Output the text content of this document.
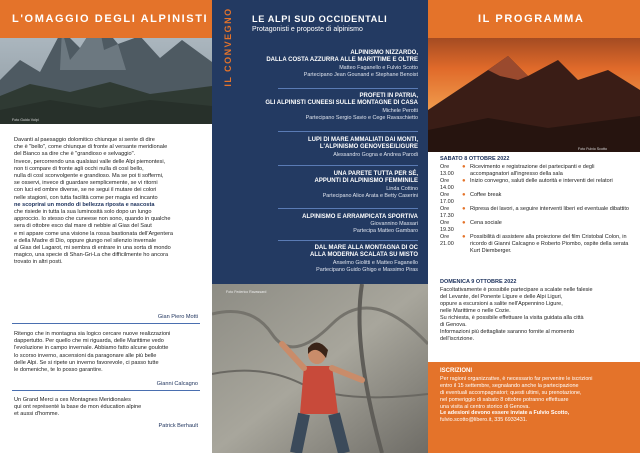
L'OMAGGIO DEGLI ALPINISTI
Foto Guido Volpi

Davanti al paesaggio dolomitico chiunque si sente di dire

che è "bello", come chiunque di fronte al versante meridionale

del Bianco sa dire che è "grandioso e selvaggio".

Invece, percorrendo una qualsiasi valle delle Alpi piemontesi,

non ti compare di fronte agli occhi nulla di così bello,

nulla di così sconvolgente e grandioso. Ma se poi ti soffermi,

se osservi, invece di guardare semplicemente, se vi ritorni

con luci ed ombre diverse, se ne segui il mutare dei colori

nelle stagioni, con tutta facilità come per magia ed incanto

ne scoprirai un mondo di bellezza riposta e nascosta

che risiede in tutta la sua luminosità solo dopo un lungo

approccio. Io stesso che cuneese non sono, quando in qualche

sera di ottobre esco dal mare di nebbie al Gias del Saut

e mi appare come una visione la rossa bastionata dell'Argentera

e della Madre di Dio, oppure giungo nel silenzio invernale

al Gias del Lagarot, mi sembra di entrare in una sorta di mondo

magico, una specie di Shan-Gri-La che difficilmente ho ancora

trovato in altri posti.

Gian Piero Motti

Ritengo che in montagna sia logico cercare nuove realizzazioni

dappertutto. Per quello che mi riguarda, delle Marittime vedo

l'evoluzione in campo invernale. Abbiamo fatto alcune goulotte

lo scorso inverno, ascensioni da paragonare alle più belle

delle Alpi. Se si ripete un inverno favorevole, ci passo tutte

le domeniche, te lo posso garantire.

Gianni Calcagno

Un Grand Merci a ces Montagnes Meridionales

qui ont représenté la base de mon éducation alpine

et aussi d'homme.

Patrick Berhault
IL CONVEGNO LE ALPI SUD OCCIDENTALI
Protagonisti e proposte di alpinismo
ALPINISMO NIZZARDO,
DALLA COSTA AZZURRA ALLE MARITTIME E OLTRE
Matteo Faganello e Fulvio Scotto
Partecipano Jean Gounand e Stephane Benoist
PROFETI IN PATRIA,
GLI ALPINISTI CUNEESI SULLE MONTAGNE DI CASA
Michele Perotti
Partecipano Sergio Savio e Cege Ravaschietto
LUPI DI MARE AMMALIATI DAI MONTI,
L'ALPINISMO GENOVESE/LIGURE
Alessandro Gogna e Andrea Parodi
UNA PARETE TUTTA PER SÉ,
APPUNTI DI ALPINISMO FEMMINILE
Linda Cottino
Partecipano Alice Arata e Betty Caserini
ALPINISMO E ARRAMPICATA SPORTIVA
Giovannino Massari
Partecipa Matteo Gambaro
DAL MARE ALLA MONTAGNA DI OC
ALLA MODERNA SCALATA SU MISTO
Anselmo Giolitti e Matteo Faganello
Partecipano Guido Ghigo e Massimo Piras
Foto Federico Ravassard
IL PROGRAMMA
Foto Fulvio Scotto
SABATO 8 OTTOBRE 2022
Ore 13.00
● Ricevimento e registrazione dei partecipanti e degli accompagnatori all'ingresso della sala
Ore 14.00
● Inizio convegno, saluti delle autorità e interventi dei relatori
Ore 17.00
● Coffee break
Ore 17.30
● Ripresa dei lavori, a seguire interventi liberi ed eventuale dibattito
Ore 19.30
● Cena sociale
Ore 21.00
● Possibilità di assistere alla proiezione del film Cristobal Colon, in ricordo di Gianni Calcagno e Roberto Piombo, ospite della serata Kurt Diemberger.
DOMENICA 9 OTTOBRE 2022
Facoltativamente è possibile partecipare a scalate nelle falesie
del Levante, del Ponente Ligure e delle Alpi Liguri,
oppure a escursioni a salite nell'Appennino Ligure,
nelle Marittime o nelle Cozie.
Su richiesta, è possibile effettuare la visita guidata alla città
di Genova.
Informazioni più dettagliate saranno fornite al momento
dell'iscrizione.
ISCRIZIONI
Per ragioni organizzative, è necessario far pervenire le iscrizioni
entro il 15 settembre, segnalando anche la partecipazione
di eventuali accompagnatori; questi ultimi, su prenotazione,
nel pomeriggio di sabato 8 ottobre potranno effettuare
una visita al centro storico di Genova.
Le adesioni devono essere inviate a Fulvio Scotto,
fulvio.scotto@libero.it, 335 6933431.
